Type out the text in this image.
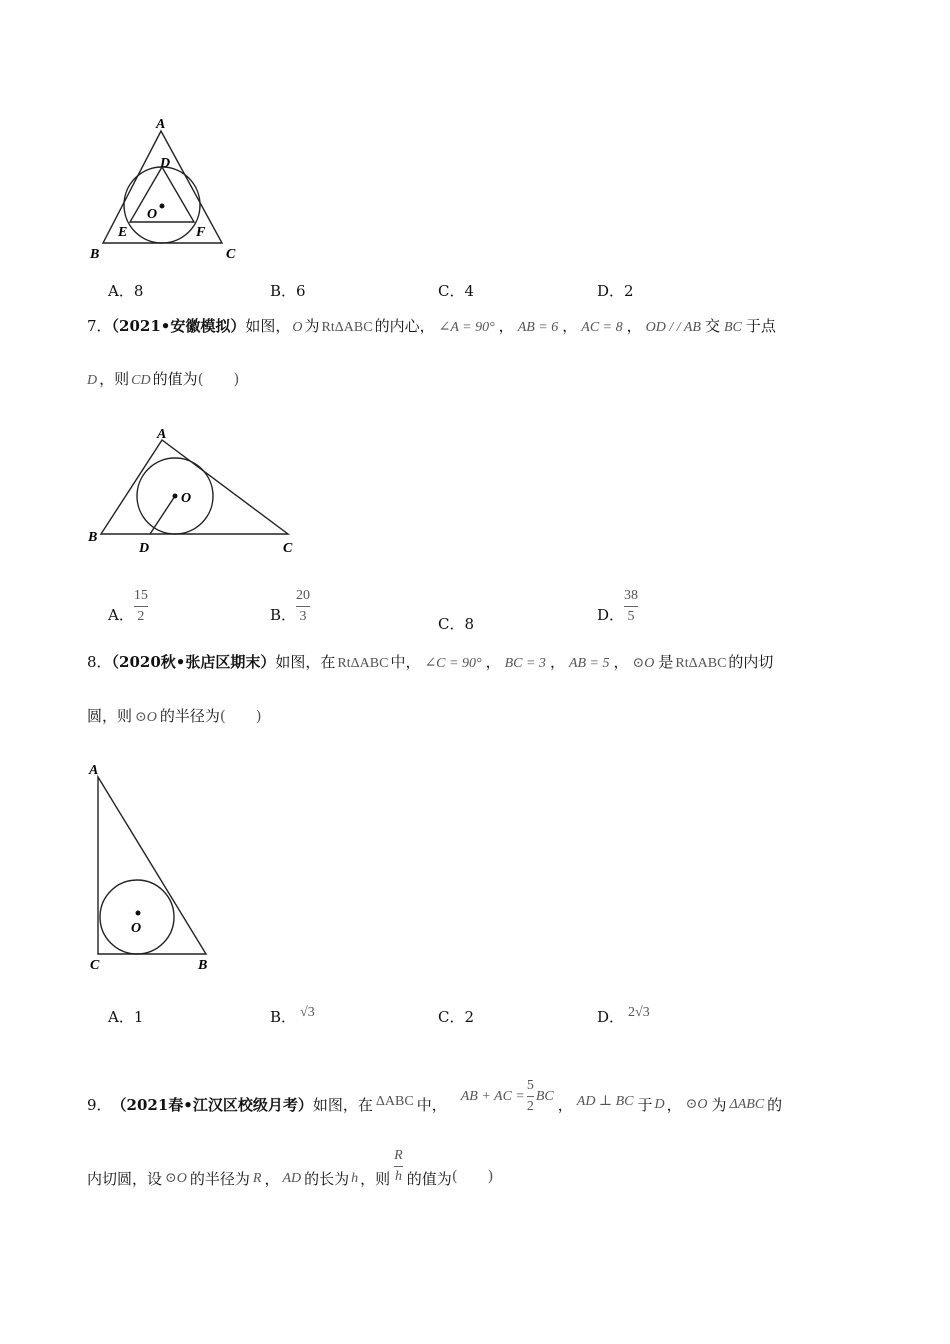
A
D
O
E	F
B	C
A．8	B．6	C．4	D．2
7．（2021•安徽模拟）如图， O 为 RtΔABC 的内心， ∠A = 90° ， AB = 6 ， AC = 8 ， OD / / AB 交 BC 于点
D ，则 CD 的值为(　　)
A
O
B
D	C
A． $\frac{15}{2}$	B． $\frac{20}{3}$	C．8	D． $\frac{38}{5}$
8．（2020秋•张店区期末）如图，在 RtΔABC 中， ∠C = 90° ， BC = 3 ， AB = 5 ， ⊙O 是 RtΔABC 的内切
圆，则 ⊙O 的半径为(　　)
A
O
C	B
A．1	B． √3	C．2	D． 2√3
9． （2021春•江汉区校级月考） 如图，在 ΔABC 中， AB + AC = $\frac{5}{2}$ BC ， AD ⊥ BC 于 D ， ⊙O 为 ΔABC 的
内切圆，设 ⊙O 的半径为 R ， AD 的长为 h ，则 $\frac{R}{h}$ 的值为 (　　)
